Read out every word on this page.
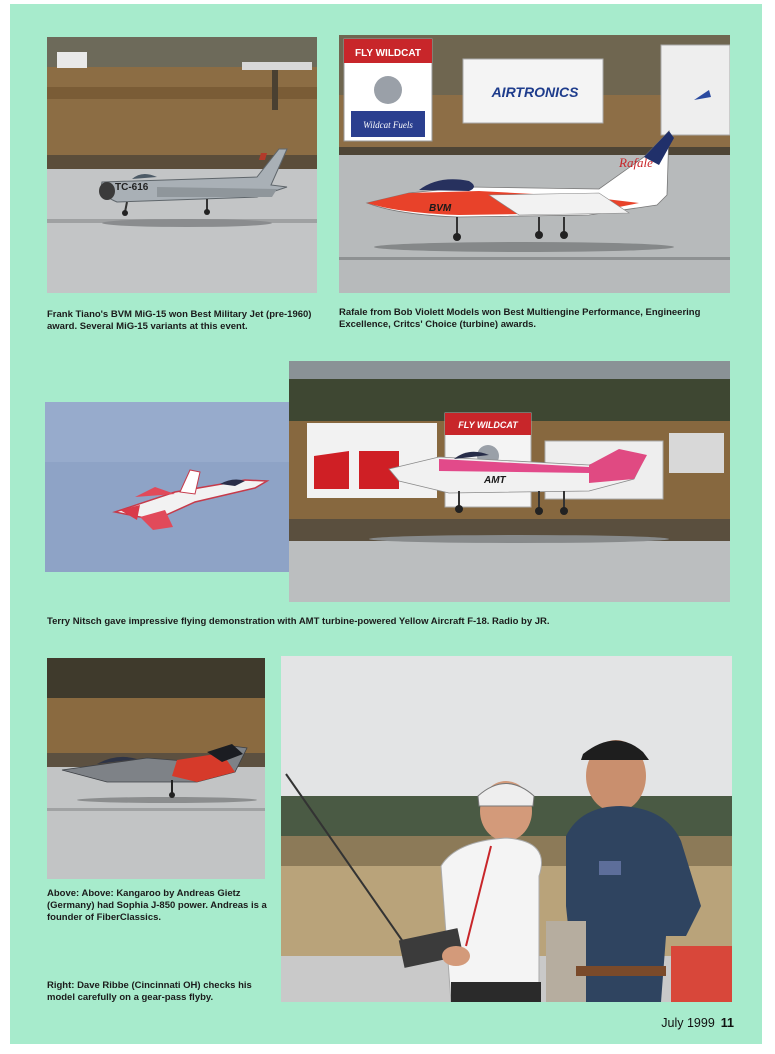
TC-616
FLY WILDCAT
Wildcat Fuels
AIRTRONICS
Rafale
BVM

Frank Tiano's BVM MiG-15 won Best Military Jet (pre-1960) award. Several MiG-15 variants at this event.

Rafale from Bob Violett Models won Best Multiengine Performance, Engineering Excellence, Critcs' Choice (turbine) awards.

FLY WILDCAT
AMT

Terry Nitsch gave impressive flying demonstration with AMT turbine-powered Yellow Aircraft F-18. Radio by JR.

Above: Above: Kangaroo by Andreas Gietz (Germany) had Sophia J-850 power. Andreas is a founder of FiberClassics.

Right: Dave Ribbe (Cincinnati OH) checks his model carefully on a gear-pass flyby.

July 1999 11
